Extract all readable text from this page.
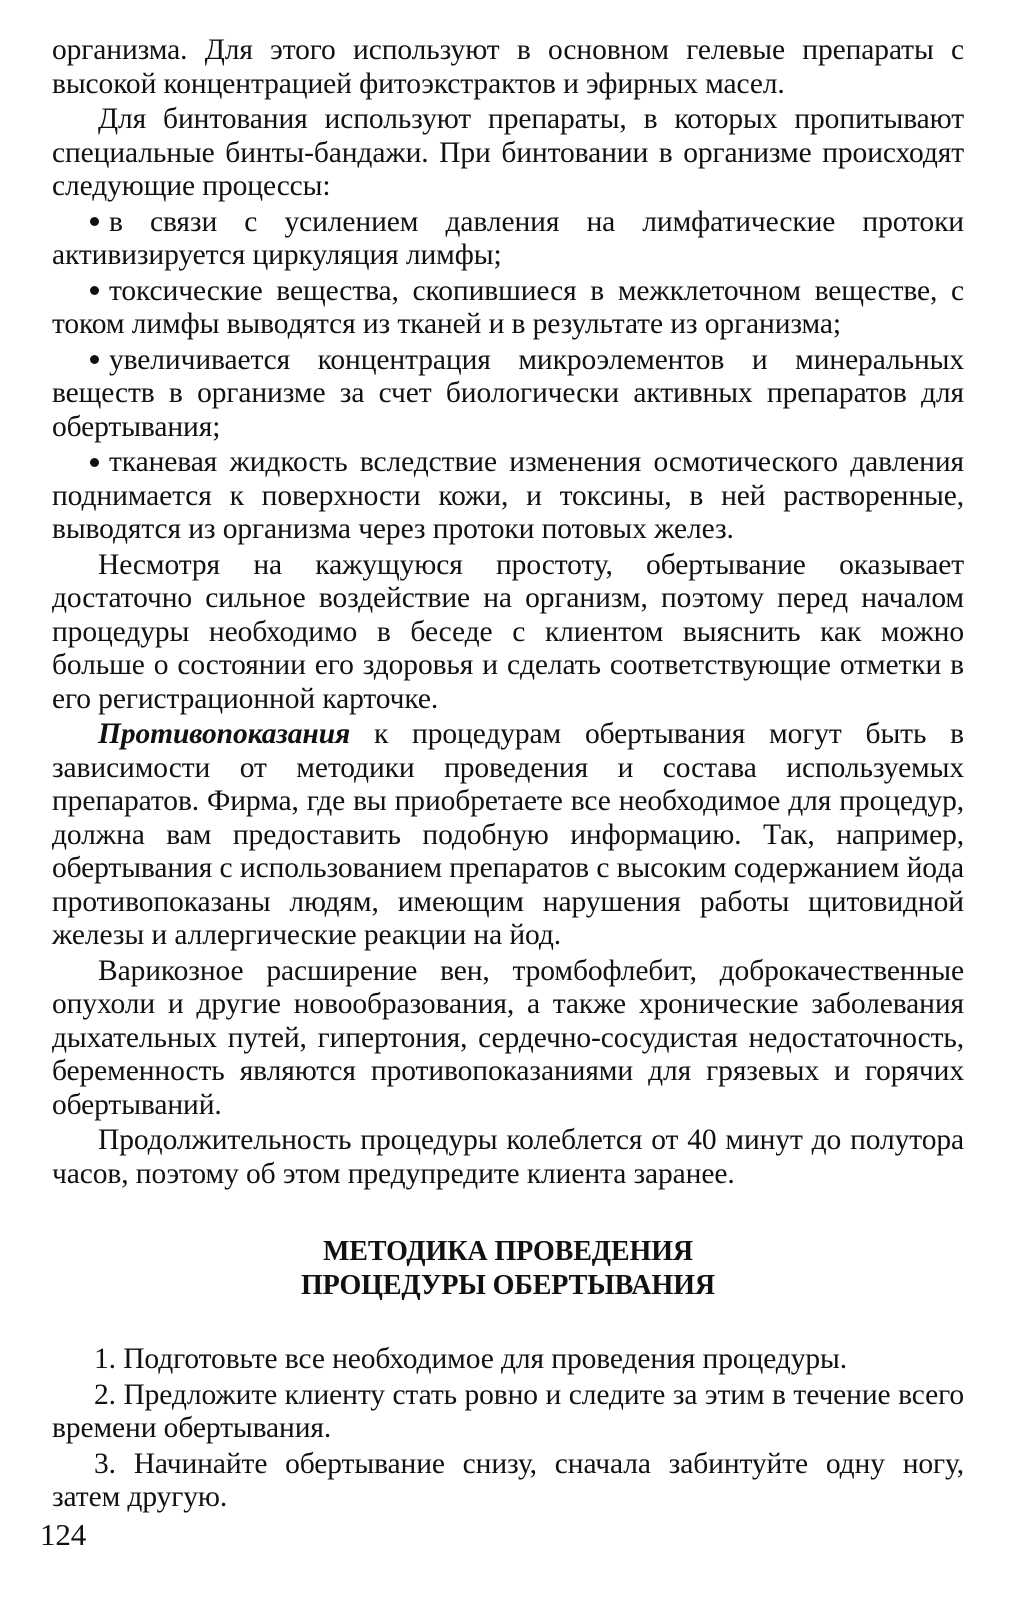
организма. Для этого используют в основном гелевые препараты с высокой концентрацией фитоэкстрактов и эфирных масел.

Для бинтования используют препараты, в которых пропитывают специальные бинты-бандажи. При бинтовании в организме происходят следующие процессы:

в связи с усилением давления на лимфатические протоки активизируется циркуляция лимфы;

токсические вещества, скопившиеся в межклеточном веществе, с током лимфы выводятся из тканей и в результате из организма;

увеличивается концентрация микроэлементов и минеральных веществ в организме за счет биологически активных препаратов для обертывания;

тканевая жидкость вследствие изменения осмотического давления поднимается к поверхности кожи, и токсины, в ней растворенные, выводятся из организма через протоки потовых желез.

Несмотря на кажущуюся простоту, обертывание оказывает достаточно сильное воздействие на организм, поэтому перед началом процедуры необходимо в беседе с клиентом выяснить как можно больше о состоянии его здоровья и сделать соответствующие отметки в его регистрационной карточке.

Противопоказания к процедурам обертывания могут быть в зависимости от методики проведения и состава используемых препаратов. Фирма, где вы приобретаете все необходимое для процедур, должна вам предоставить подобную информацию. Так, например, обертывания с использованием препаратов с высоким содержанием йода противопоказаны людям, имеющим нарушения работы щитовидной железы и аллергические реакции на йод.

Варикозное расширение вен, тромбофлебит, доброкачественные опухоли и другие новообразования, а также хронические заболевания дыхательных путей, гипертония, сердечно-сосудистая недостаточность, беременность являются противопоказаниями для грязевых и горячих обертываний.

Продолжительность процедуры колеблется от 40 минут до полутора часов, поэтому об этом предупредите клиента заранее.

МЕТОДИКА ПРОВЕДЕНИЯ
ПРОЦЕДУРЫ ОБЕРТЫВАНИЯ

1. Подготовьте все необходимое для проведения процедуры.

2. Предложите клиенту стать ровно и следите за этим в течение всего времени обертывания.

3. Начинайте обертывание снизу, сначала забинтуйте одну ногу, затем другую.

124
